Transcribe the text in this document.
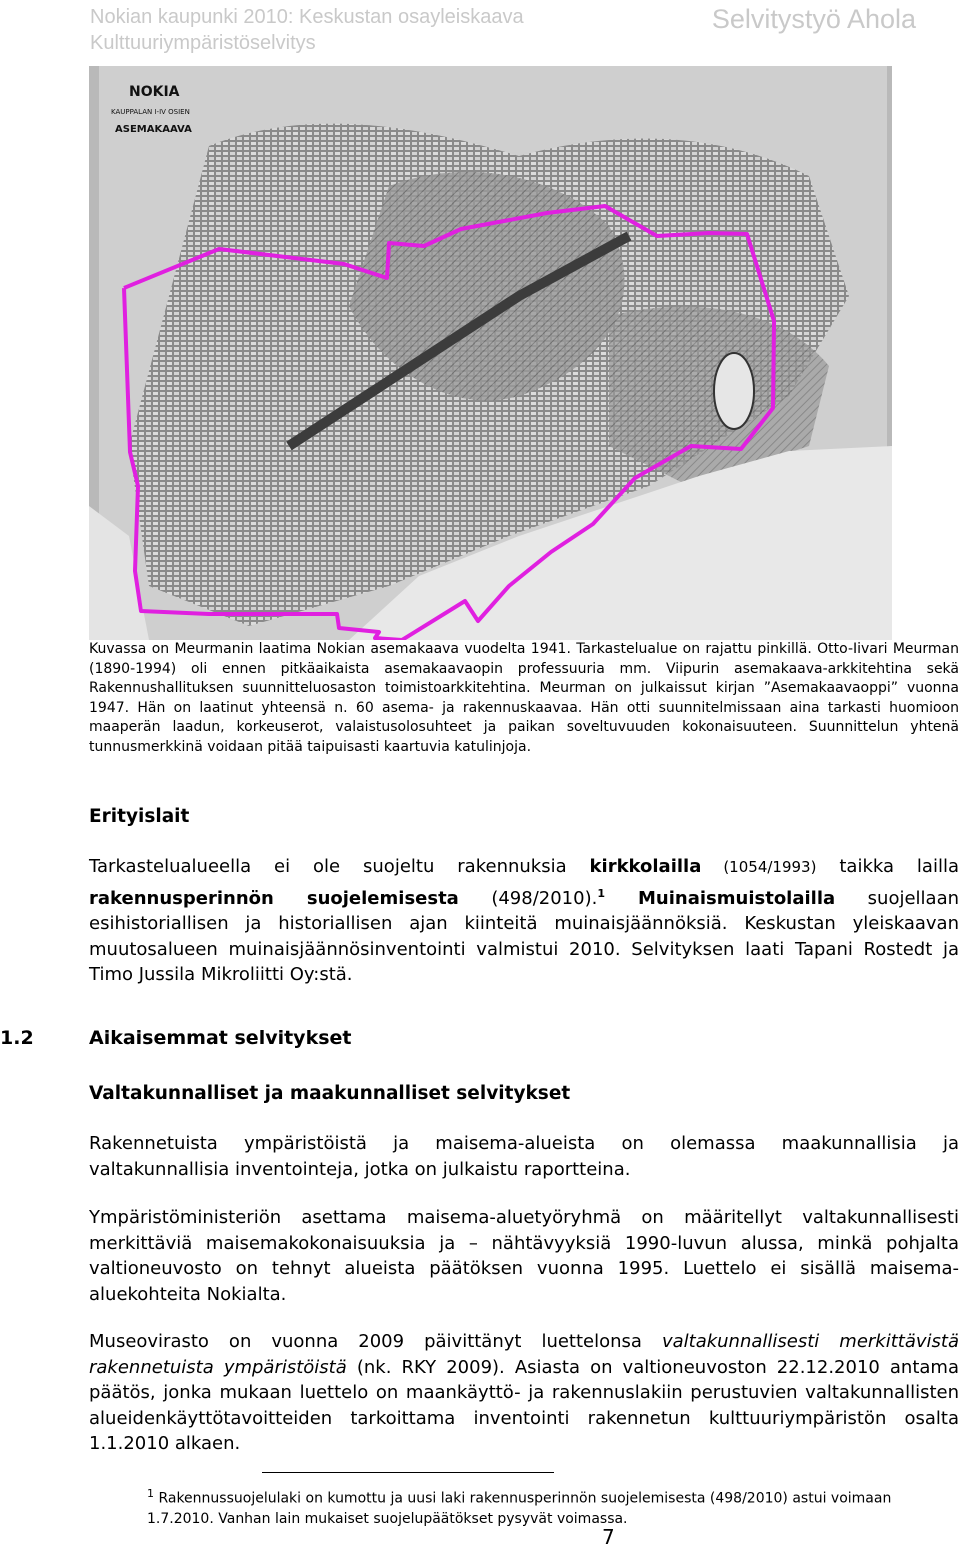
Nokian kaupunki 2010: Keskustan osayleiskaava
Kulttuuriympäristöselvitys
Selvitystyö Ahola
NOKIA
KAUPPALAN I-IV OSIEN
ASEMAKAAVA
Kuvassa on Meurmanin laatima Nokian asemakaava vuodelta 1941. Tarkastelualue on rajattu pinkillä. Otto-Iivari Meurman (1890-1994) oli ennen pitkäaikaista asemakaavaopin professuuria mm. Viipurin asemakaava-arkkitehtina sekä Rakennushallituksen suunnitteluosaston toimistoarkkitehtina. Meurman on julkaissut kirjan ”Asemakaavaoppi” vuonna 1947. Hän on laatinut yhteensä n. 60 asema- ja rakennuskaavaa. Hän otti suunnitelmissaan aina tarkasti huomioon maaperän laadun, korkeuserot, valaistusolosuhteet ja paikan soveltuvuuden kokonaisuuteen. Suunnittelun yhtenä tunnusmerkkinä voidaan pitää taipuisasti kaartuvia katulinjoja.
Erityislait

Tarkastelualueella ei ole suojeltu rakennuksia kirkkolailla (1054/1993) taikka lailla rakennusperinnön suojelemisesta (498/2010).$^1$ Muinaismuistolailla suojellaan esihistoriallisen ja historiallisen ajan kiinteitä muinaisjäännöksiä. Keskustan yleiskaavan muutosalueen muinaisjäännösinventointi valmistui 2010. Selvityksen laati Tapani Rostedt ja Timo Jussila Mikroliitti Oy:stä.

1.2	Aikaisemmat selvitykset
Valtakunnalliset ja maakunnalliset selvitykset

Rakennetuista ympäristöistä ja maisema-alueista on olemassa maakunnallisia ja valtakunnallisia inventointeja, jotka on julkaistu raportteina.

Ympäristöministeriön asettama maisema-aluetyöryhmä on määritellyt valtakunnallisesti merkittäviä maisemakokonaisuuksia ja – nähtävyyksiä 1990-luvun alussa, minkä pohjalta valtioneuvosto on tehnyt alueista päätöksen vuonna 1995. Luettelo ei sisällä maisema-aluekohteita Nokialta.

Museovirasto on vuonna 2009 päivittänyt luettelonsa valtakunnallisesti merkittävistä rakennetuista ympäristöistä (nk. RKY 2009). Asiasta on valtioneuvoston 22.12.2010 antama päätös, jonka mukaan luettelo on maankäyttö- ja rakennuslakiin perustuvien valtakunnallisten alueidenkäyttötavoitteiden tarkoittama inventointi rakennetun kulttuuriympäristön osalta 1.1.2010 alkaen.

$^1$ Rakennussuojelulaki on kumottu ja uusi laki rakennusperinnön suojelemisesta (498/2010) astui voimaan 1.7.2010. Vanhan lain mukaiset suojelupäätökset pysyvät voimassa.
7
